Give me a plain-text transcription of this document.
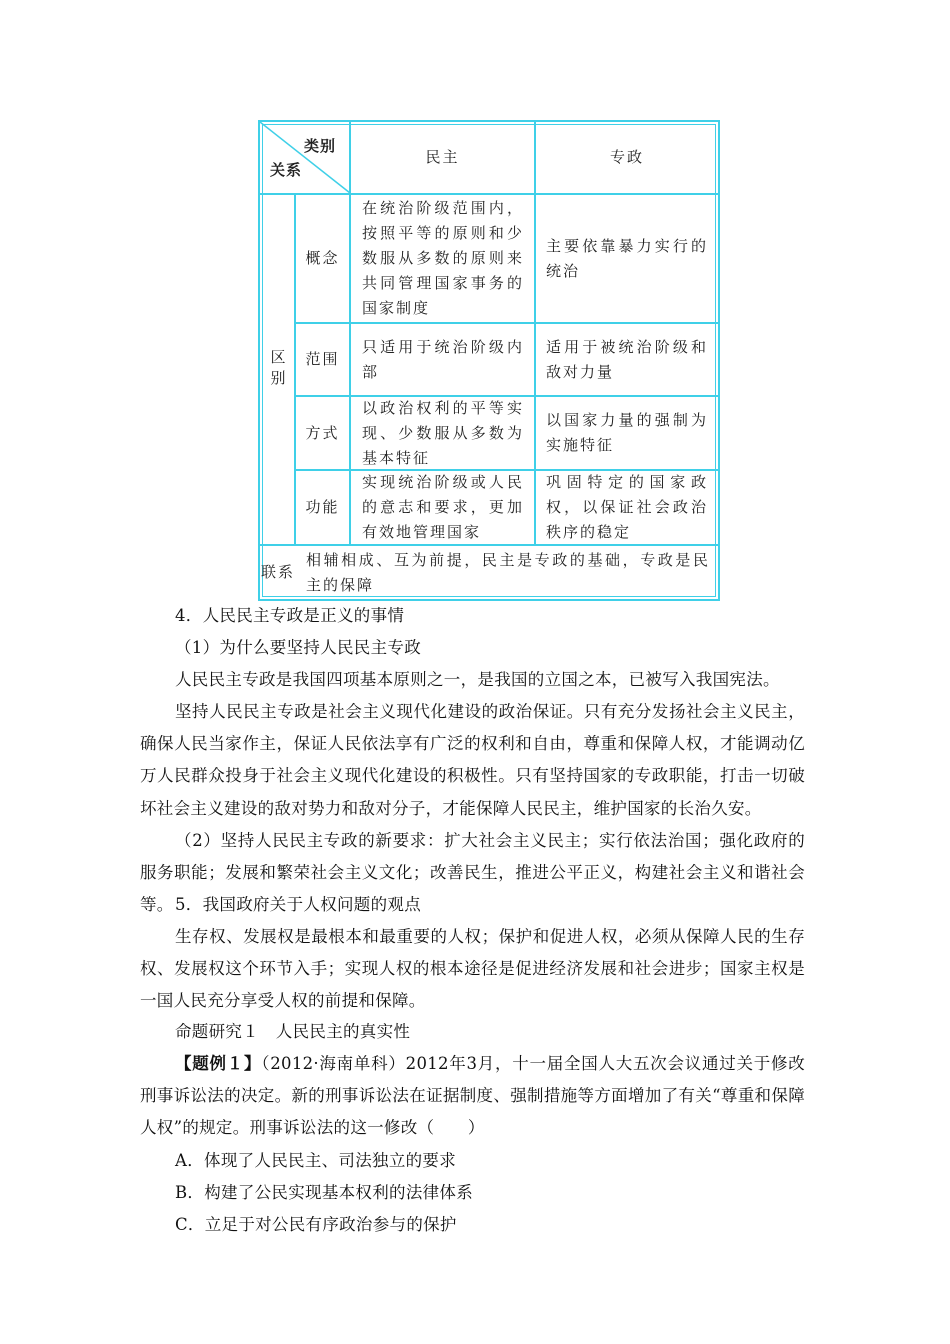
类别
关系
民主	专政
区别
概念
在统治阶级范围内，按照平等的原则和少数服从多数的原则来共同管理国家事务的国家制度
主要依靠暴力实行的统治
范围
只适用于统治阶级内部
适用于被统治阶级和敌对力量
方式
以政治权利的平等实现、少数服从多数为基本特征
以国家力量的强制为实施特征
功能
实现统治阶级或人民的意志和要求，更加有效地管理国家
巩固特定的国家政权，以保证社会政治秩序的稳定
联系
相辅相成、互为前提，民主是专政的基础，专政是民主的保障
4．人民民主专政是正义的事情
（1）为什么要坚持人民民主专政
人民民主专政是我国四项基本原则之一，是我国的立国之本，已被写入我国宪法。
坚持人民民主专政是社会主义现代化建设的政治保证。只有充分发扬社会主义民主，确保人民当家作主，保证人民依法享有广泛的权利和自由，尊重和保障人权，才能调动亿万人民群众投身于社会主义现代化建设的积极性。只有坚持国家的专政职能，打击一切破坏社会主义建设的敌对势力和敌对分子，才能保障人民民主，维护国家的长治久安。
（2）坚持人民民主专政的新要求：扩大社会主义民主；实行依法治国；强化政府的服务职能；发展和繁荣社会主义文化；改善民生，推进公平正义，构建社会主义和谐社会等。 5．我国政府关于人权问题的观点
生存权、发展权是最根本和最重要的人权；保护和促进人权，必须从保障人民的生存权、发展权这个环节入手；实现人权的根本途径是促进经济发展和社会进步；国家主权是一国人民充分享受人权的前提和保障。
命题研究１　人民民主的真实性
【题例１】（2012·海南单科）2012年3月，十一届全国人大五次会议通过关于修改刑事诉讼法的决定。新的刑事诉讼法在证据制度、强制措施等方面增加了有关“尊重和保障人权”的规定。刑事诉讼法的这一修改（　　）
A．体现了人民民主、司法独立的要求
B．构建了公民实现基本权利的法律体系
C．立足于对公民有序政治参与的保护
